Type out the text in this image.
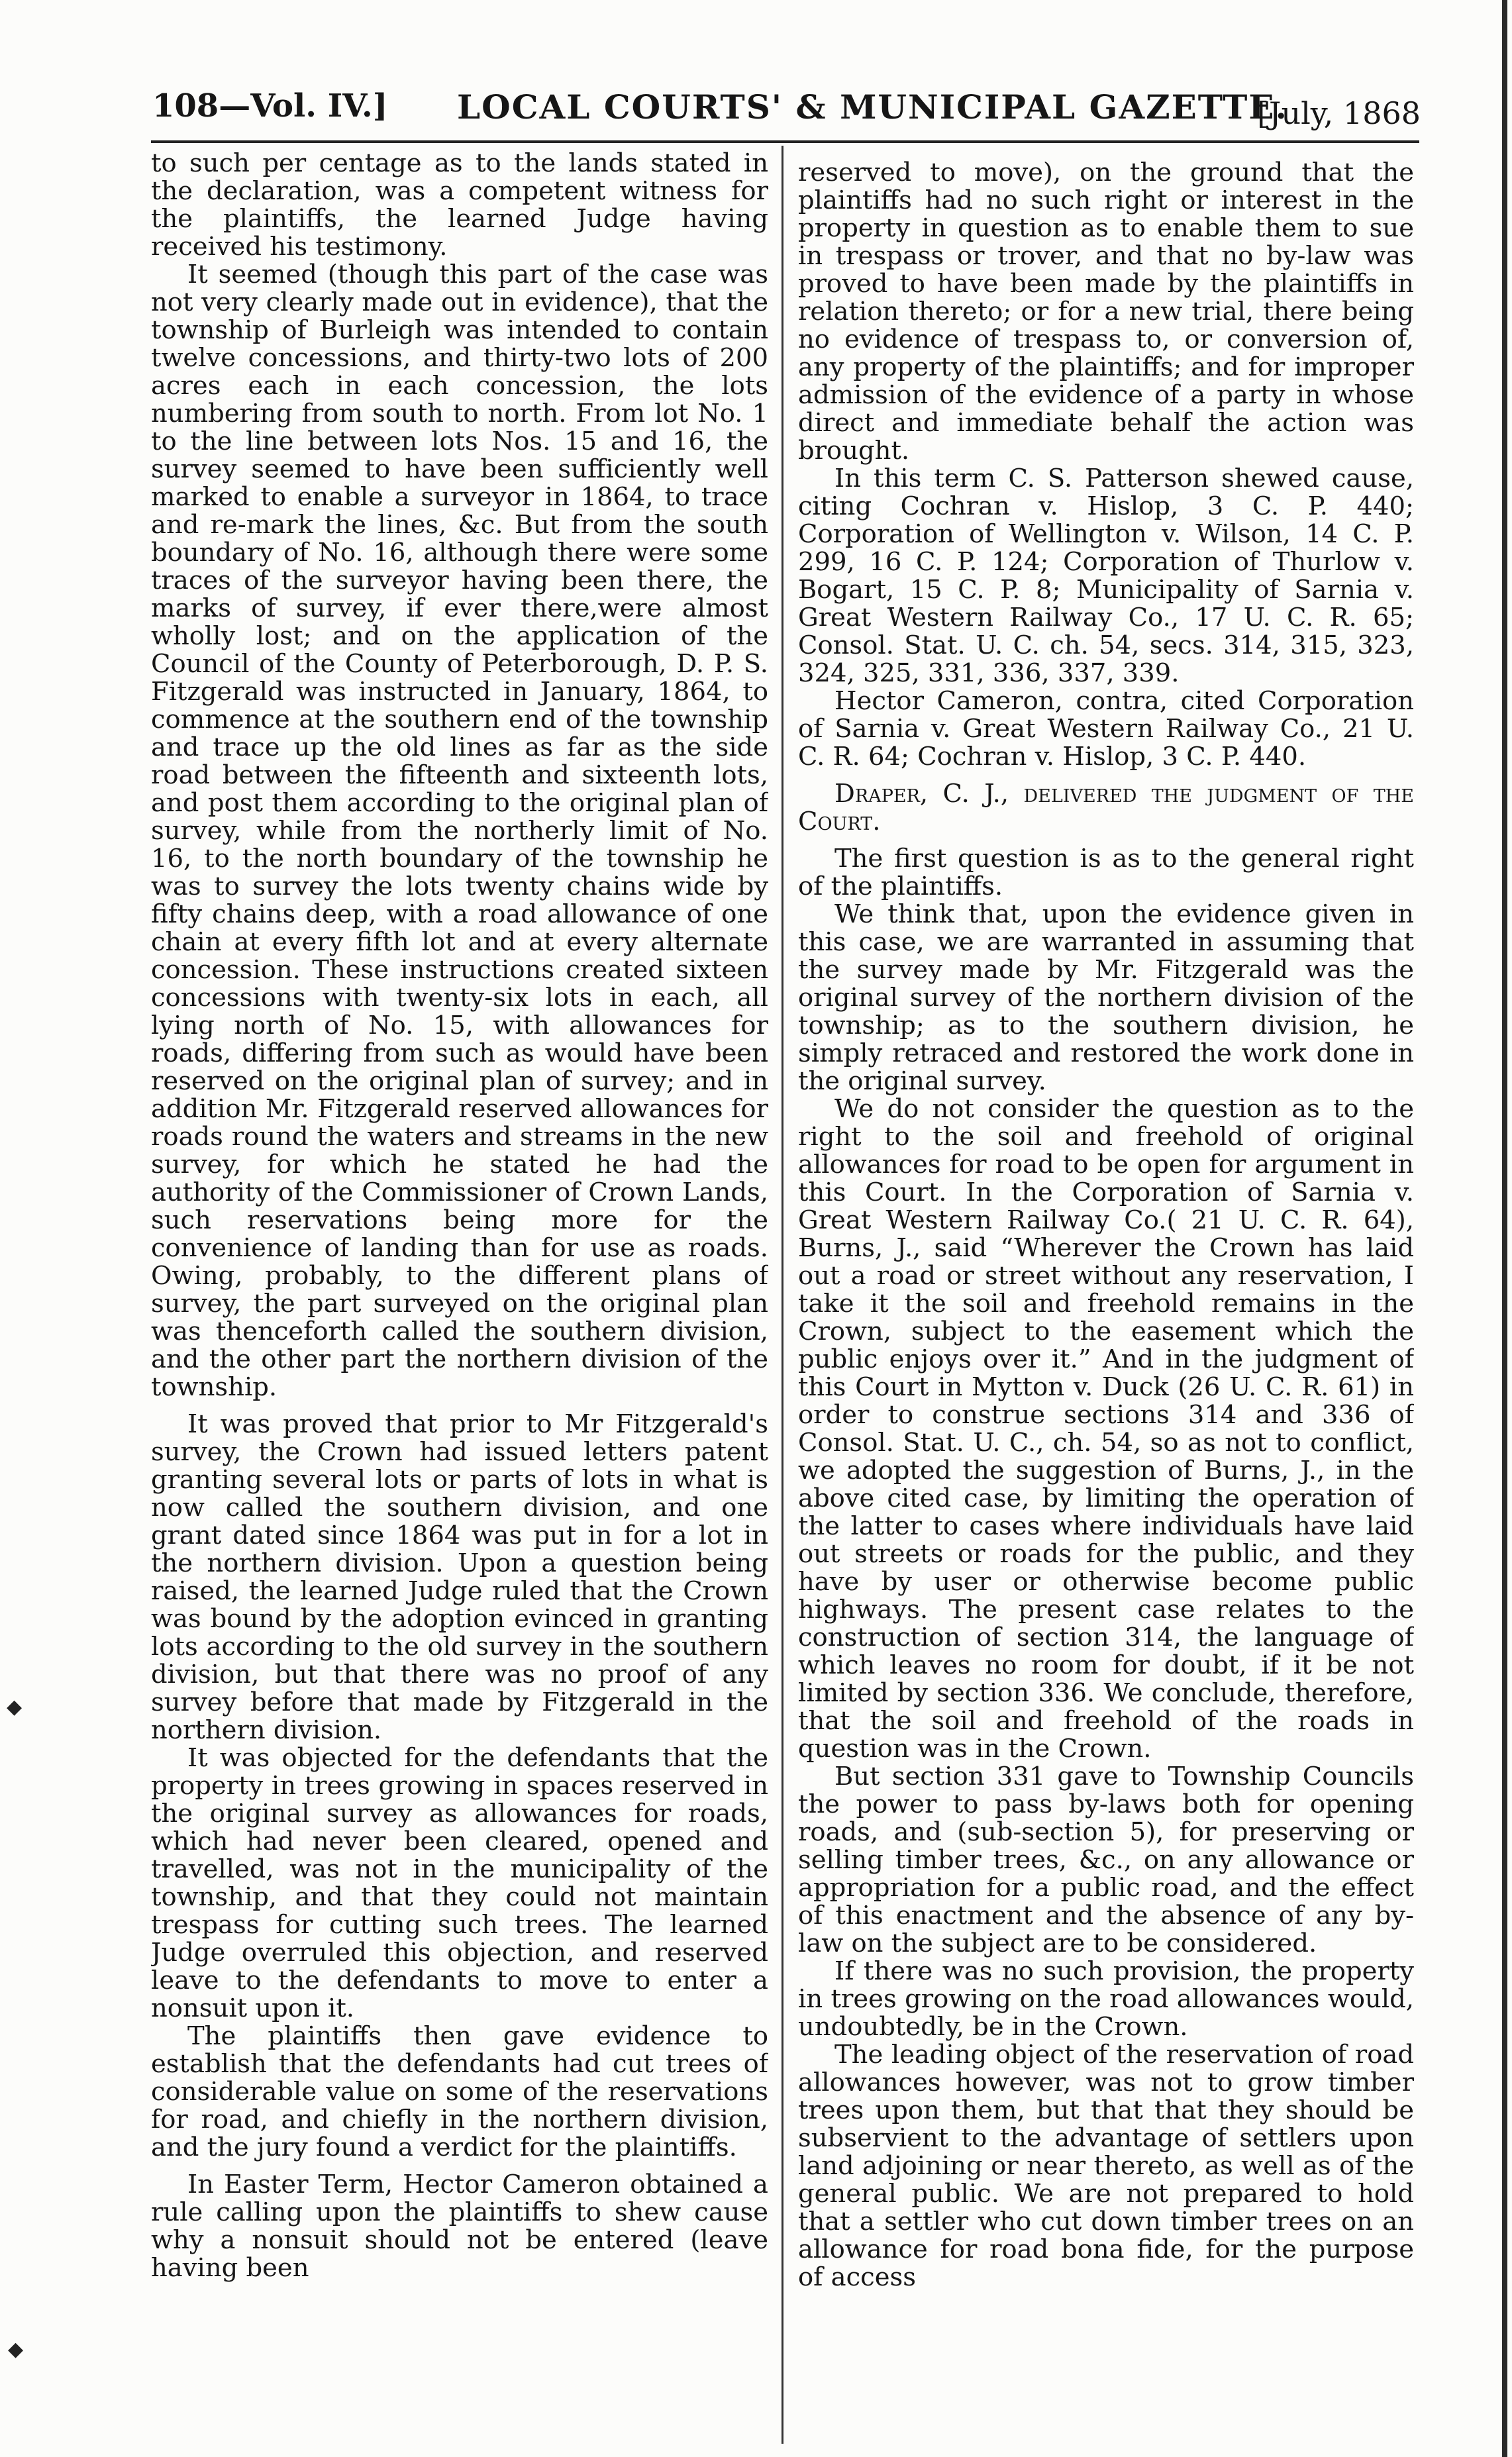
108—Vol. IV.] LOCAL COURTS' & MUNICIPAL GAZETTE.
[July, 1868

to such per centage as to the lands stated in the declaration, was a competent witness for the plaintiffs, the learned Judge having received his testimony.

It seemed (though this part of the case was not very clearly made out in evidence), that the township of Burleigh was intended to contain twelve concessions, and thirty-two lots of 200 acres each in each concession, the lots numbering from south to north. From lot No. 1 to the line between lots Nos. 15 and 16, the survey seemed to have been sufficiently well marked to enable a surveyor in 1864, to trace and re-mark the lines, &c. But from the south boundary of No. 16, although there were some traces of the surveyor having been there, the marks of survey, if ever there,were almost wholly lost; and on the application of the Council of the County of Peterborough, D. P. S. Fitzgerald was instructed in January, 1864, to commence at the southern end of the township and trace up the old lines as far as the side road between the fifteenth and sixteenth lots, and post them according to the original plan of survey, while from the northerly limit of No. 16, to the north boundary of the township he was to survey the lots twenty chains wide by fifty chains deep, with a road allowance of one chain at every fifth lot and at every alternate concession. These instructions created sixteen concessions with twenty-six lots in each, all lying north of No. 15, with allowances for roads, differing from such as would have been reserved on the original plan of survey; and in addition Mr. Fitzgerald reserved allowances for roads round the waters and streams in the new survey, for which he stated he had the authority of the Commissioner of Crown Lands, such reservations being more for the convenience of landing than for use as roads. Owing, probably, to the different plans of survey, the part surveyed on the original plan was thenceforth called the southern division, and the other part the northern division of the township.

It was proved that prior to Mr Fitzgerald's survey, the Crown had issued letters patent granting several lots or parts of lots in what is now called the southern division, and one grant dated since 1864 was put in for a lot in the northern division. Upon a question being raised, the learned Judge ruled that the Crown was bound by the adoption evinced in granting lots according to the old survey in the southern division, but that there was no proof of any survey before that made by Fitzgerald in the northern division.

It was objected for the defendants that the property in trees growing in spaces reserved in the original survey as allowances for roads, which had never been cleared, opened and travelled, was not in the municipality of the township, and that they could not maintain trespass for cutting such trees. The learned Judge overruled this objection, and reserved leave to the defendants to move to enter a nonsuit upon it.

The plaintiffs then gave evidence to establish that the defendants had cut trees of considerable value on some of the reservations for road, and chiefly in the northern division, and the jury found a verdict for the plaintiffs.

In Easter Term, Hector Cameron obtained a rule calling upon the plaintiffs to shew cause why a nonsuit should not be entered (leave having been

reserved to move), on the ground that the plaintiffs had no such right or interest in the property in question as to enable them to sue in trespass or trover, and that no by-law was proved to have been made by the plaintiffs in relation thereto; or for a new trial, there being no evidence of trespass to, or conversion of, any property of the plaintiffs; and for improper admission of the evidence of a party in whose direct and immediate behalf the action was brought.

In this term C. S. Patterson shewed cause, citing Cochran v. Hislop, 3 C. P. 440; Corporation of Wellington v. Wilson, 14 C. P. 299, 16 C. P. 124; Corporation of Thurlow v. Bogart, 15 C. P. 8; Municipality of Sarnia v. Great Western Railway Co., 17 U. C. R. 65; Consol. Stat. U. C. ch. 54, secs. 314, 315, 323, 324, 325, 331, 336, 337, 339.

Hector Cameron, contra, cited Corporation of Sarnia v. Great Western Railway Co., 21 U. C. R. 64; Cochran v. Hislop, 3 C. P. 440.

Draper, C. J., delivered the judgment of the Court.

The first question is as to the general right of the plaintiffs.

We think that, upon the evidence given in this case, we are warranted in assuming that the survey made by Mr. Fitzgerald was the original survey of the northern division of the township; as to the southern division, he simply retraced and restored the work done in the original survey.

We do not consider the question as to the right to the soil and freehold of original allowances for road to be open for argument in this Court. In the Corporation of Sarnia v. Great Western Railway Co.( 21 U. C. R. 64), Burns, J., said “Wherever the Crown has laid out a road or street without any reservation, I take it the soil and freehold remains in the Crown, subject to the easement which the public enjoys over it.” And in the judgment of this Court in Mytton v. Duck (26 U. C. R. 61) in order to construe sections 314 and 336 of Consol. Stat. U. C., ch. 54, so as not to conflict, we adopted the suggestion of Burns, J., in the above cited case, by limiting the operation of the latter to cases where individuals have laid out streets or roads for the public, and they have by user or otherwise become public highways. The present case relates to the construction of section 314, the language of which leaves no room for doubt, if it be not limited by section 336. We conclude, therefore, that the soil and freehold of the roads in question was in the Crown.

But section 331 gave to Township Councils the power to pass by-laws both for opening roads, and (sub-section 5), for preserving or selling timber trees, &c., on any allowance or appropriation for a public road, and the effect of this enactment and the absence of any by-law on the subject are to be considered.

If there was no such provision, the property in trees growing on the road allowances would, undoubtedly, be in the Crown.

The leading object of the reservation of road allowances however, was not to grow timber trees upon them, but that that they should be subservient to the advantage of settlers upon land adjoining or near thereto, as well as of the general public. We are not prepared to hold that a settler who cut down timber trees on an allowance for road bona fide, for the purpose of access

◆
◆
